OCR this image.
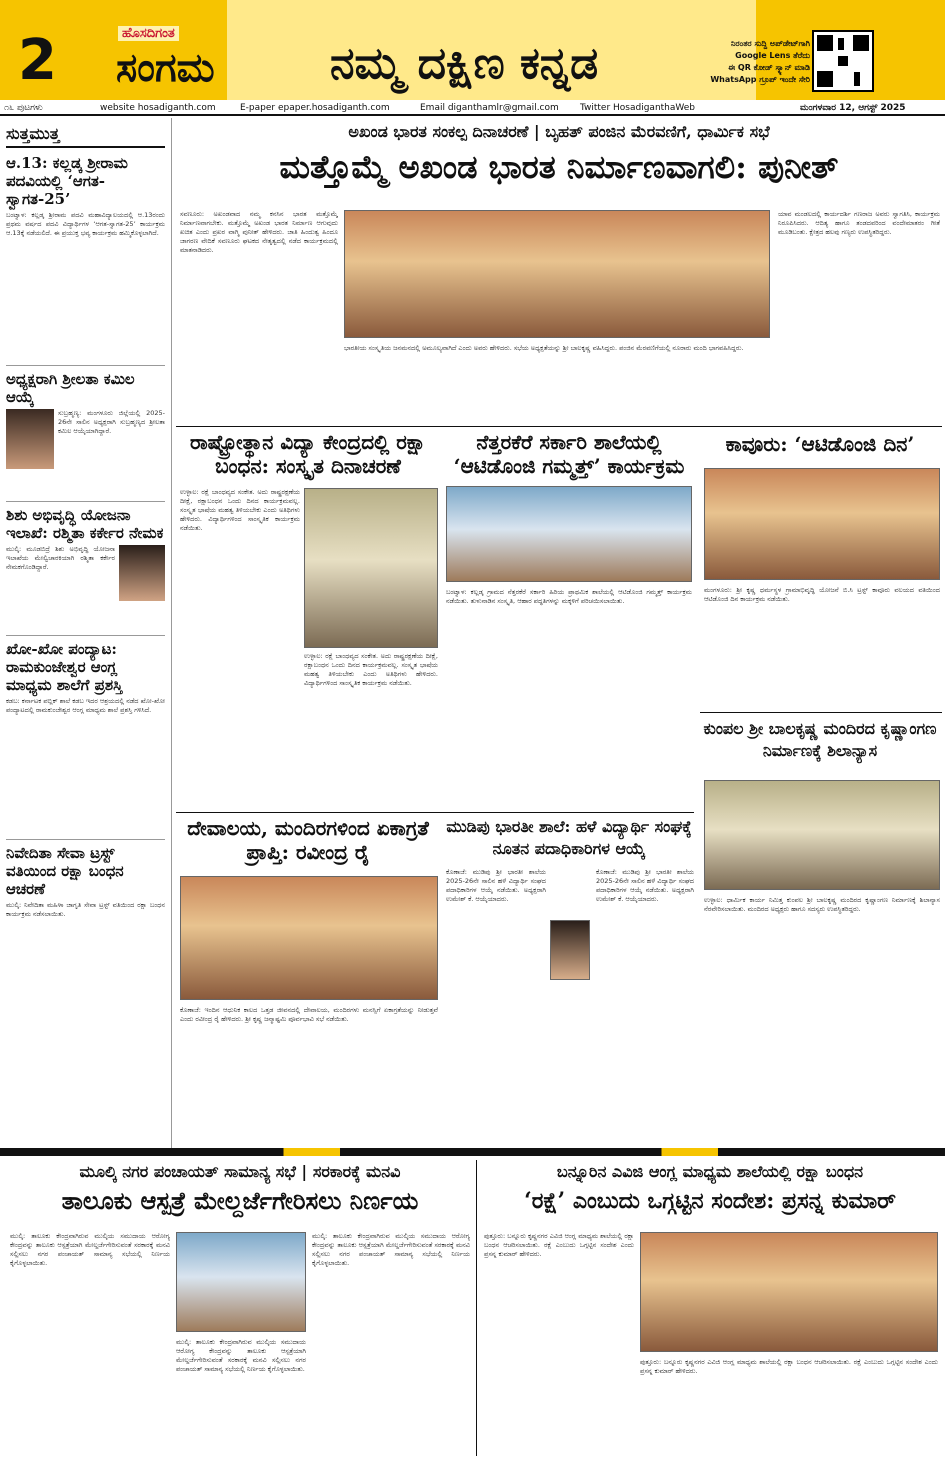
2	ಹೊಸದಿಗಂತ
ಸಂಗಮ	ನಮ್ಮ ದಕ್ಷಿಣ ಕನ್ನಡ	ನಿರಂತರ ಸುದ್ದಿ ಅಪ್‌ಡೇಟ್‌ಗಾಗಿ
Google Lens ತೆರೆದು
ಈ QR ಕೋಡ್ ಸ್ಕ್ಯಾನ್ ಮಾಡಿ
WhatsApp ಗ್ರೂಪ್ ಇಂದೇ ಸೇರಿ
೧೬ ಪುಟಗಳು	website hosadiganth.com	E-paper epaper.hosadiganth.com	Email diganthamlr@gmail.com Twitter HosadiganthaWeb	ಮಂಗಳವಾರ 12, ಆಗಸ್ಟ್ 2025
ಸುತ್ತಮುತ್ತ
ಆ.13: ಕಲ್ಲಡ್ಕ ಶ್ರೀರಾಮ ಪದವಿಯಲ್ಲಿ ‘ಆಗತ-ಸ್ವಾಗತ-25’
ಬಂಟ್ವಾಳ: ಕಲ್ಲಡ್ಕ ಶ್ರೀರಾಮ ಪದವಿ ಮಹಾವಿದ್ಯಾಲಯದಲ್ಲಿ ಆ.13ರಂದು ಪ್ರಥಮ ವರ್ಷದ ಪದವಿ ವಿದ್ಯಾರ್ಥಿಗಳ ‘ಆಗತ-ಸ್ವಾಗತ-25’ ಕಾರ್ಯಕ್ರಮ ಆ.13ಕ್ಕೆ ನಡೆಯಲಿದೆ. ಈ ಪ್ರಯುಕ್ತ ಭವ್ಯ ಕಾರ್ಯಕ್ರಮ ಹಮ್ಮಿಕೊಳ್ಳಲಾಗಿದೆ.
ಅಧ್ಯಕ್ಷರಾಗಿ ಶ್ರೀಲತಾ ಕಮಿಲ ಆಯ್ಕೆ
ಸುಬ್ರಹ್ಮಣ್ಯ: ಮಂಗಳೂರು ಜಿಲ್ಲೆಯಲ್ಲಿ 2025-26ನೇ ಸಾಲಿನ ಅಧ್ಯಕ್ಷರಾಗಿ ಸುಬ್ರಹ್ಮಣ್ಯದ ಶ್ರೀಲತಾ ಕಮಿಲ ಆಯ್ಕೆಯಾಗಿದ್ದಾರೆ.
ಶಿಶು ಅಭಿವೃದ್ಧಿ ಯೋಜನಾ ಇಲಾಖೆ: ರಶ್ಮಿತಾ ಕರ್ಕೇರ ನೇಮಕ
ಮುಲ್ಕಿ: ಮೂಡಬಿದ್ರೆ ಶಿಶು ಅಭಿವೃದ್ಧಿ ಯೋಜನಾ ಇಲಾಖೆಯ ಮೇಲ್ವಿಚಾರಕಿಯಾಗಿ ರಶ್ಮಿತಾ ಕರ್ಕೇರ ನೇಮಕಗೊಂಡಿದ್ದಾರೆ.
ಖೋ-ಖೋ ಪಂದ್ಯಾಟ: ರಾಮಕುಂಜೇಶ್ವರ ಆಂಗ್ಲ ಮಾಧ್ಯಮ ಶಾಲೆಗೆ ಪ್ರಶಸ್ತಿ
ಕಡಬ: ಕರ್ನಾಟಕ ಪಬ್ಲಿಕ್ ಶಾಲೆ ಕಡಬ ಇದರ ಆಶ್ರಯದಲ್ಲಿ ನಡೆದ ಖೋ-ಖೋ ಪಂದ್ಯಾಟದಲ್ಲಿ ರಾಮಕುಂಜೇಶ್ವರ ಆಂಗ್ಲ ಮಾಧ್ಯಮ ಶಾಲೆ ಪ್ರಶಸ್ತಿ ಗಳಿಸಿದೆ.
ನಿವೇದಿತಾ ಸೇವಾ ಟ್ರಸ್ಟ್ ವತಿಯಿಂದ ರಕ್ಷಾ ಬಂಧನ ಆಚರಣೆ
ಮುಲ್ಕಿ: ನಿವೇದಿತಾ ಮಹಿಳಾ ಜಾಗೃತಿ ಸೇವಾ ಟ್ರಸ್ಟ್ ವತಿಯಿಂದ ರಕ್ಷಾ ಬಂಧನ ಕಾರ್ಯಕ್ರಮ ನಡೆಸಲಾಯಿತು.
ಅಖಂಡ ಭಾರತ ಸಂಕಲ್ಪ ದಿನಾಚರಣೆ | ಬೃಹತ್ ಪಂಜಿನ ಮೆರವಣಿಗೆ, ಧಾರ್ಮಿಕ ಸಭೆ
ಮತ್ತೊಮ್ಮೆ ಅಖಂಡ ಭಾರತ ನಿರ್ಮಾಣವಾಗಲಿ: ಪುನೀತ್
ಸವಣೂರು: ಅಖಂಡವಾದ ನಮ್ಮ ಕನಸಿನ ಭಾರತ ಮತ್ತೊಮ್ಮೆ ನಿರ್ಮಾಣವಾಗಬೇಕು. ಮತ್ತೊಮ್ಮೆ ಅಖಂಡ ಭಾರತ ನಿರ್ಮಾಣ ಆಗುವುದು ಖಚಿತ ಎಂದು ಪ್ರಖರ ವಾಗ್ಮಿ ಪುನೀತ್ ಹೇಳಿದರು. ಜಾತಿ ಹಿಂದುತ್ವ ಹಿಂದೂ ಜಾಗರಣ ವೇದಿಕೆ ಸವಣೂರು ಘಟಕದ ನೇತೃತ್ವದಲ್ಲಿ ನಡೆದ ಕಾರ್ಯಕ್ರಮದಲ್ಲಿ ಮಾತನಾಡಿದರು.
ಭಾರತೀಯ ಸಂಸ್ಕೃತಿಯ ಜನಮನದಲ್ಲಿ ಅಮೂಲ್ಯವಾಗಿದೆ ಎಂದು ಅವರು ಹೇಳಿದರು. ಸಭೆಯ ಅಧ್ಯಕ್ಷತೆಯನ್ನು ಶ್ರೀ ಬಾಲಕೃಷ್ಣ ವಹಿಸಿದ್ದರು. ಪಂಜಿನ ಮೆರವಣಿಗೆಯಲ್ಲಿ ನೂರಾರು ಮಂದಿ ಭಾಗವಹಿಸಿದ್ದರು.
ಯಾವ ಮಂಡಲದಲ್ಲಿ ಕಾರ್ಯದರ್ಶಿ ಗಣರಾಜ ಅವರು ಸ್ವಾಗತಿಸಿ, ಕಾರ್ಯಕ್ರಮ ನಿರೂಪಿಸಿದರು. ಆದಿತ್ಯ ಹಾಗೂ ತಂಡದವರಿಂದ ವಂದೇಮಾತರಂ ಗೀತೆ ಮೂಡಿಬಂತು. ಕ್ಷೇತ್ರದ ಹಲವು ಗಣ್ಯರು ಉಪಸ್ಥಿತರಿದ್ದರು.
ರಾಷ್ಟ್ರೋತ್ಥಾನ ವಿದ್ಯಾ ಕೇಂದ್ರದಲ್ಲಿ ರಕ್ಷಾ ಬಂಧನ: ಸಂಸ್ಕೃತ ದಿನಾಚರಣೆ
ಉಳ್ಳಾಲ: ರಕ್ಷೆ ಬಾಂಧವ್ಯದ ಸಂಕೇತ. ಅದು ರಾಷ್ಟ್ರರಕ್ಷಣೆಯ ದೀಕ್ಷೆ, ರಕ್ಷಾಬಂಧನ ಒಂದು ದಿನದ ಕಾರ್ಯಕ್ರಮವಲ್ಲ. ಸಂಸ್ಕೃತ ಭಾಷೆಯ ಮಹತ್ವ ತಿಳಿಯಬೇಕು ಎಂದು ಅತಿಥಿಗಳು ಹೇಳಿದರು. ವಿದ್ಯಾರ್ಥಿಗಳಿಂದ ಸಾಂಸ್ಕೃತಿಕ ಕಾರ್ಯಕ್ರಮ ನಡೆಯಿತು.
ಉಳ್ಳಾಲ: ರಕ್ಷೆ ಬಾಂಧವ್ಯದ ಸಂಕೇತ. ಅದು ರಾಷ್ಟ್ರರಕ್ಷಣೆಯ ದೀಕ್ಷೆ, ರಕ್ಷಾಬಂಧನ ಒಂದು ದಿನದ ಕಾರ್ಯಕ್ರಮವಲ್ಲ. ಸಂಸ್ಕೃತ ಭಾಷೆಯ ಮಹತ್ವ ತಿಳಿಯಬೇಕು ಎಂದು ಅತಿಥಿಗಳು ಹೇಳಿದರು. ವಿದ್ಯಾರ್ಥಿಗಳಿಂದ ಸಾಂಸ್ಕೃತಿಕ ಕಾರ್ಯಕ್ರಮ ನಡೆಯಿತು.
ನೆತ್ತರಕೆರೆ ಸರ್ಕಾರಿ ಶಾಲೆಯಲ್ಲಿ ‘ಆಟಿಡೊಂಜಿ ಗಮ್ಮತ್ತ್’ ಕಾರ್ಯಕ್ರಮ
ಬಂಟ್ವಾಳ: ಕಲ್ಲಡ್ಕ ಗ್ರಾಮದ ನೆತ್ತರಕೆರೆ ಸರ್ಕಾರಿ ಹಿರಿಯ ಪ್ರಾಥಮಿಕ ಶಾಲೆಯಲ್ಲಿ ಆಟಿಡೊಂಜಿ ಗಮ್ಮತ್ತ್ ಕಾರ್ಯಕ್ರಮ ನಡೆಯಿತು. ತುಳುನಾಡಿನ ಸಂಸ್ಕೃತಿ, ಆಹಾರ ಪದ್ಧತಿಗಳನ್ನು ಮಕ್ಕಳಿಗೆ ಪರಿಚಯಿಸಲಾಯಿತು.
ಕಾವೂರು: ‘ಆಟಿಡೊಂಜಿ ದಿನ’
ಮಂಗಳೂರು: ಶ್ರೀ ಕೃಷ್ಣ ಧರ್ಮಸ್ಥಳ ಗ್ರಾಮಾಭಿವೃದ್ಧಿ ಯೋಜನೆ ಬಿ.ಸಿ ಟ್ರಸ್ಟ್ ಕಾವೂರು ವಲಯದ ವತಿಯಿಂದ ಆಟಿಡೊಂಜಿ ದಿನ ಕಾರ್ಯಕ್ರಮ ನಡೆಯಿತು.
ಕುಂಪಲ ಶ್ರೀ ಬಾಲಕೃಷ್ಣ ಮಂದಿರದ ಕೃಷ್ಣಾಂಗಣ ನಿರ್ಮಾಣಕ್ಕೆ ಶಿಲಾನ್ಯಾಸ
ಉಳ್ಳಾಲ: ಧಾರ್ಮಿಕ ಕಾರ್ಯ ನಿಮಿತ್ತ ಕುಂಪಲ ಶ್ರೀ ಬಾಲಕೃಷ್ಣ ಮಂದಿರದ ಕೃಷ್ಣಾಂಗಣ ನಿರ್ಮಾಣಕ್ಕೆ ಶಿಲಾನ್ಯಾಸ ನೆರವೇರಿಸಲಾಯಿತು. ಮಂದಿರದ ಅಧ್ಯಕ್ಷರು ಹಾಗೂ ಸದಸ್ಯರು ಉಪಸ್ಥಿತರಿದ್ದರು.
ದೇವಾಲಯ, ಮಂದಿರಗಳಿಂದ ಏಕಾಗ್ರತೆ ಪ್ರಾಪ್ತಿ: ರವೀಂದ್ರ ರೈ
ಕೊಣಾಜೆ: ಇಂದಿನ ಆಧುನಿಕ ಕಾಲದ ಒತ್ತಡ ಜೀವನದಲ್ಲಿ ದೇವಾಲಯ, ಮಂದಿರಗಳು ಮನಸ್ಸಿಗೆ ಏಕಾಗ್ರತೆಯನ್ನು ನೀಡುತ್ತವೆ ಎಂದು ರವೀಂದ್ರ ರೈ ಹೇಳಿದರು. ಶ್ರೀ ಕೃಷ್ಣ ಜನ್ಮಾಷ್ಟಮಿ ಪೂರ್ವಭಾವಿ ಸಭೆ ನಡೆಯಿತು.
ಮುಡಿಪು ಭಾರತೀ ಶಾಲೆ: ಹಳೆ ವಿದ್ಯಾರ್ಥಿ ಸಂಘಕ್ಕೆ ನೂತನ ಪದಾಧಿಕಾರಿಗಳ ಆಯ್ಕೆ
ಕೊಣಾಜೆ: ಮುಡಿಪು ಶ್ರೀ ಭಾರತೀ ಶಾಲೆಯ 2025-26ನೇ ಸಾಲಿನ ಹಳೆ ವಿದ್ಯಾರ್ಥಿ ಸಂಘದ ಪದಾಧಿಕಾರಿಗಳ ಆಯ್ಕೆ ನಡೆಯಿತು. ಅಧ್ಯಕ್ಷರಾಗಿ ಉಮೇಶ್ ಕೆ. ಆಯ್ಕೆಯಾದರು.
ಕೊಣಾಜೆ: ಮುಡಿಪು ಶ್ರೀ ಭಾರತೀ ಶಾಲೆಯ 2025-26ನೇ ಸಾಲಿನ ಹಳೆ ವಿದ್ಯಾರ್ಥಿ ಸಂಘದ ಪದಾಧಿಕಾರಿಗಳ ಆಯ್ಕೆ ನಡೆಯಿತು. ಅಧ್ಯಕ್ಷರಾಗಿ ಉಮೇಶ್ ಕೆ. ಆಯ್ಕೆಯಾದರು.
ಮೂಲ್ಕಿ ನಗರ ಪಂಚಾಯತ್ ಸಾಮಾನ್ಯ ಸಭೆ | ಸರಕಾರಕ್ಕೆ ಮನವಿ
ತಾಲೂಕು ಆಸ್ಪತ್ರೆ ಮೇಲ್ದರ್ಜೆಗೇರಿಸಲು ನಿರ್ಣಯ
ಮುಲ್ಕಿ: ತಾಲೂಕು ಕೇಂದ್ರವಾಗಿರುವ ಮುಲ್ಕಿಯ ಸಮುದಾಯ ಆರೋಗ್ಯ ಕೇಂದ್ರವನ್ನು ತಾಲೂಕು ಆಸ್ಪತ್ರೆಯಾಗಿ ಮೇಲ್ದರ್ಜೆಗೇರಿಸುವಂತೆ ಸರಕಾರಕ್ಕೆ ಮನವಿ ಸಲ್ಲಿಸಲು ನಗರ ಪಂಚಾಯತ್ ಸಾಮಾನ್ಯ ಸಭೆಯಲ್ಲಿ ನಿರ್ಣಯ ಕೈಗೊಳ್ಳಲಾಯಿತು.
ಮುಲ್ಕಿ: ತಾಲೂಕು ಕೇಂದ್ರವಾಗಿರುವ ಮುಲ್ಕಿಯ ಸಮುದಾಯ ಆರೋಗ್ಯ ಕೇಂದ್ರವನ್ನು ತಾಲೂಕು ಆಸ್ಪತ್ರೆಯಾಗಿ ಮೇಲ್ದರ್ಜೆಗೇರಿಸುವಂತೆ ಸರಕಾರಕ್ಕೆ ಮನವಿ ಸಲ್ಲಿಸಲು ನಗರ ಪಂಚಾಯತ್ ಸಾಮಾನ್ಯ ಸಭೆಯಲ್ಲಿ ನಿರ್ಣಯ ಕೈಗೊಳ್ಳಲಾಯಿತು.
ಮುಲ್ಕಿ: ತಾಲೂಕು ಕೇಂದ್ರವಾಗಿರುವ ಮುಲ್ಕಿಯ ಸಮುದಾಯ ಆರೋಗ್ಯ ಕೇಂದ್ರವನ್ನು ತಾಲೂಕು ಆಸ್ಪತ್ರೆಯಾಗಿ ಮೇಲ್ದರ್ಜೆಗೇರಿಸುವಂತೆ ಸರಕಾರಕ್ಕೆ ಮನವಿ ಸಲ್ಲಿಸಲು ನಗರ ಪಂಚಾಯತ್ ಸಾಮಾನ್ಯ ಸಭೆಯಲ್ಲಿ ನಿರ್ಣಯ ಕೈಗೊಳ್ಳಲಾಯಿತು.
ಬನ್ನೂರಿನ ಎವಿಜಿ ಆಂಗ್ಲ ಮಾಧ್ಯಮ ಶಾಲೆಯಲ್ಲಿ ರಕ್ಷಾ ಬಂಧನ
‘ರಕ್ಷೆ’ ಎಂಬುದು ಒಗ್ಗಟ್ಟಿನ ಸಂದೇಶ: ಪ್ರಸನ್ನ ಕುಮಾರ್
ಪುತ್ತೂರು: ಬನ್ನೂರು ಕೃಷ್ಣನಗರ ಎವಿಜಿ ಆಂಗ್ಲ ಮಾಧ್ಯಮ ಶಾಲೆಯಲ್ಲಿ ರಕ್ಷಾ ಬಂಧನ ಆಚರಿಸಲಾಯಿತು. ರಕ್ಷೆ ಎಂಬುದು ಒಗ್ಗಟ್ಟಿನ ಸಂದೇಶ ಎಂದು ಪ್ರಸನ್ನ ಕುಮಾರ್ ಹೇಳಿದರು.
ಪುತ್ತೂರು: ಬನ್ನೂರು ಕೃಷ್ಣನಗರ ಎವಿಜಿ ಆಂಗ್ಲ ಮಾಧ್ಯಮ ಶಾಲೆಯಲ್ಲಿ ರಕ್ಷಾ ಬಂಧನ ಆಚರಿಸಲಾಯಿತು. ರಕ್ಷೆ ಎಂಬುದು ಒಗ್ಗಟ್ಟಿನ ಸಂದೇಶ ಎಂದು ಪ್ರಸನ್ನ ಕುಮಾರ್ ಹೇಳಿದರು.
